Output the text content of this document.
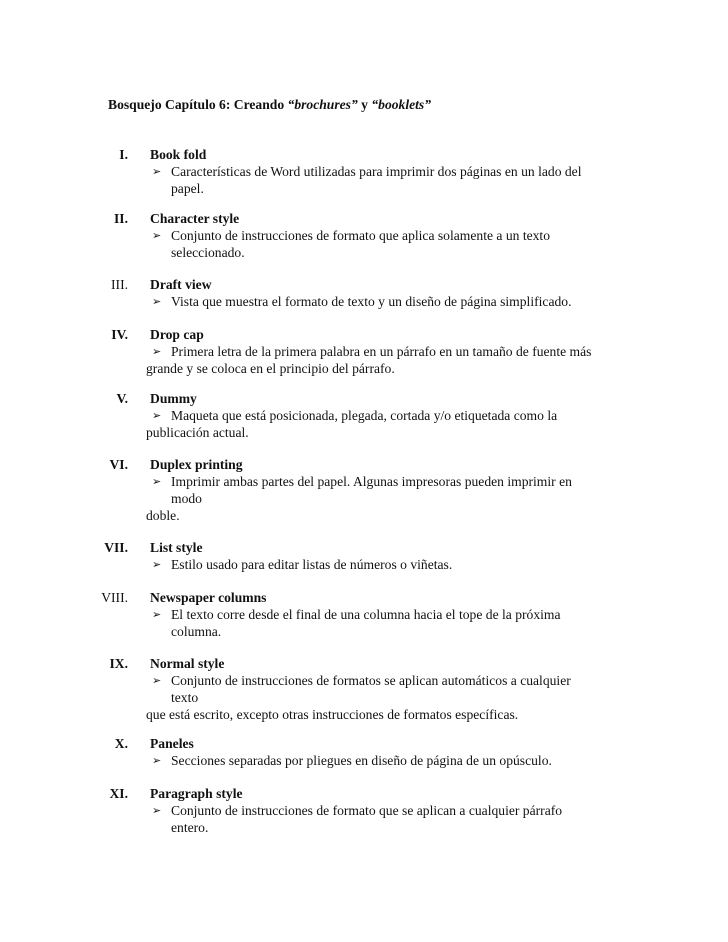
Bosquejo Capítulo 6: Creando “brochures” y “booklets”
I. Book fold
➢ Características de Word utilizadas para imprimir dos páginas en un lado del
papel.
II. Character style
➢ Conjunto de instrucciones de formato que aplica solamente a un texto
seleccionado.
III. Draft view
➢ Vista que muestra el formato de texto y un diseño de página simplificado.
IV. Drop cap
➢ Primera letra de la primera palabra en un párrafo en un tamaño de fuente más
grande y se coloca en el principio del párrafo.
V. Dummy
➢ Maqueta que está posicionada, plegada, cortada y/o etiquetada como la
publicación actual.
VI. Duplex printing
➢ Imprimir ambas partes del papel. Algunas impresoras pueden imprimir en
modo
doble.
VII. List style
➢ Estilo usado para editar listas de números o viñetas.
VIII. Newspaper columns
➢ El texto corre desde el final de una columna hacia el tope de la próxima
columna.
IX. Normal style
➢ Conjunto de instrucciones de formatos se aplican automáticos a cualquier
texto
que está escrito, excepto otras instrucciones de formatos específicas.
X. Paneles
➢ Secciones separadas por pliegues en diseño de página de un opúsculo.
XI. Paragraph style
➢ Conjunto de instrucciones de formato que se aplican a cualquier párrafo
entero.
